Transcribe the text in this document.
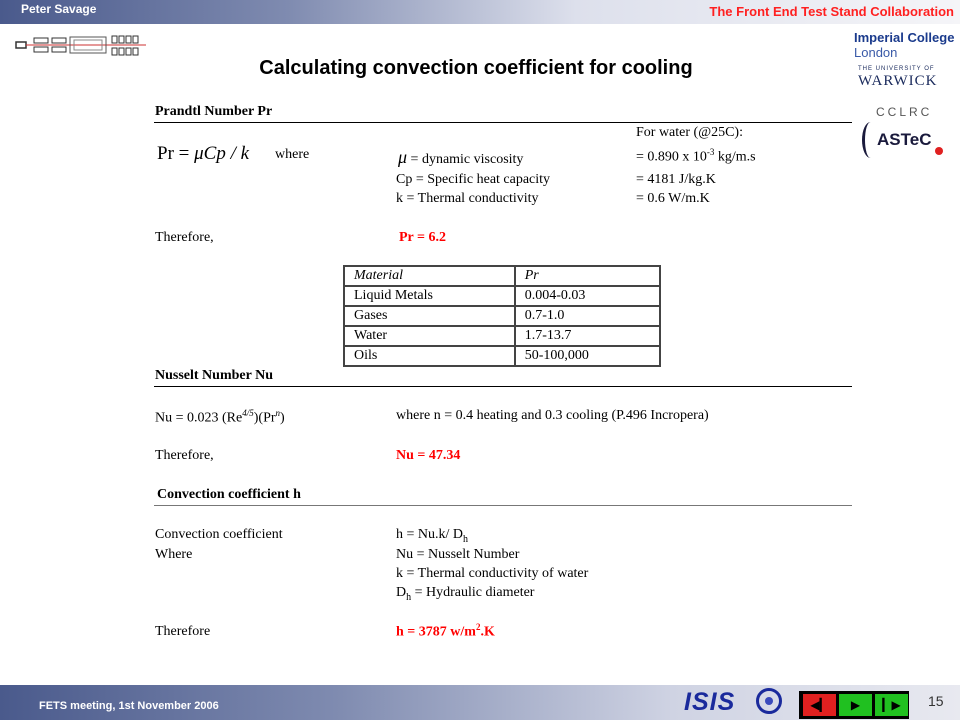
Peter Savage	The Front End Test Stand Collaboration
Calculating convection coefficient for cooling
Imperial College
London
THE UNIVERSITY OF
WARWICK
CCLRC
ASTeC
Prandtl Number Pr
Pr = μCp / k where
For water (@25C):
μ = dynamic viscosity	= 0.890 x $10^{-3}$ kg/m.s
Cp = Specific heat capacity	= 4181 J/kg.K
k = Thermal conductivity	= 0.6 W/m.K
Therefore,	Pr = 6.2
Material	Pr
Liquid Metals	0.004-0.03
Gases	0.7-1.0
Water	1.7-13.7
Oils	50-100,000
Nusselt Number Nu
Nu = 0.023 $(Re^{4/5})(Pr^n)$	where n = 0.4 heating and 0.3 cooling (P.496 Incropera)
Therefore,	Nu = 47.34
Convection coefficient h
Convection coefficient	h = Nu.k/ $D_h$
Where	Nu = Nusselt Number
k = Thermal conductivity of water
$D_h$ = Hydraulic diameter
Therefore	h = 3787 $w/m^2.K$
FETS meeting, 1st November 2006	ISIS	◀▎ ▶ ▎▶ 15
